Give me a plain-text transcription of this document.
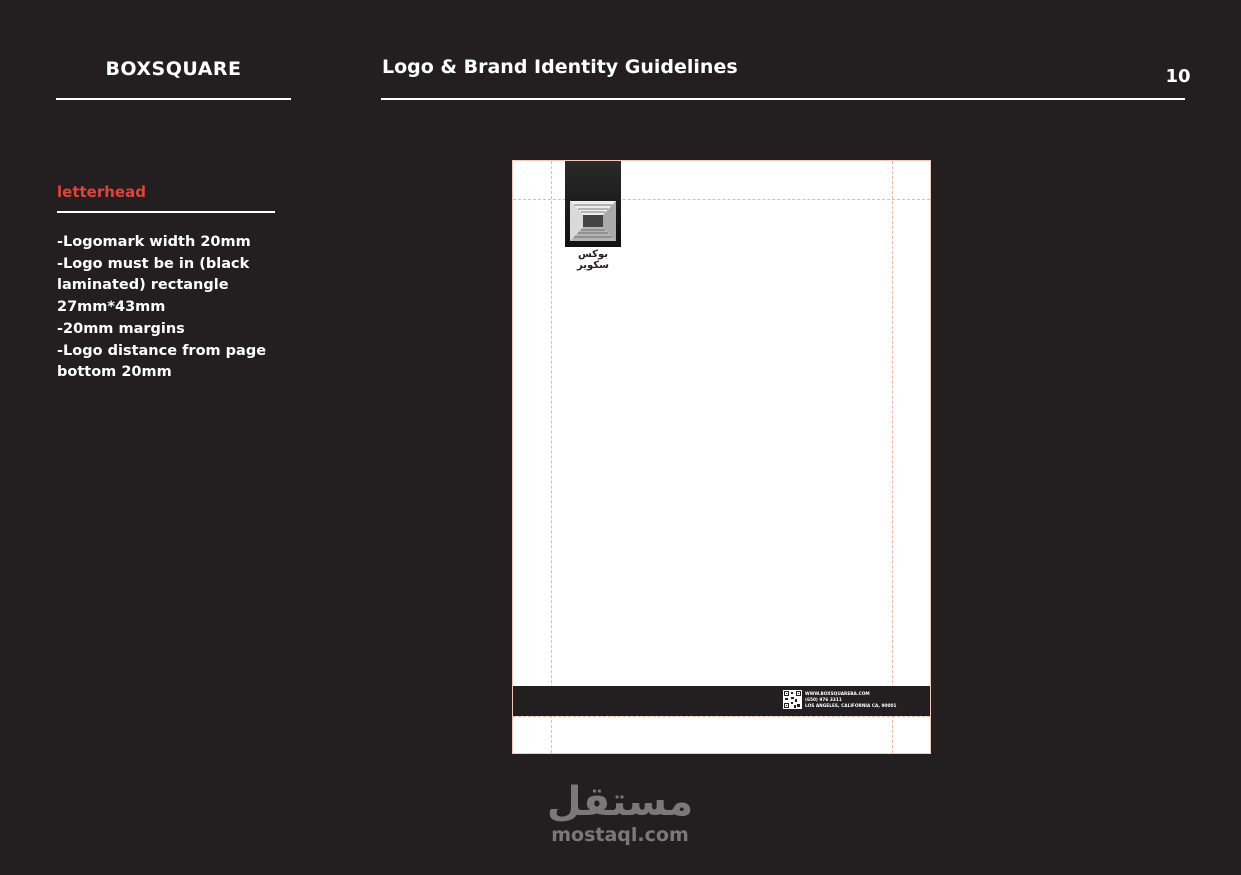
BOXSQUARE	Logo & Brand Identity Guidelines	10
letterhead
-Logomark width 20mm
-Logo must be in (black
laminated) rectangle
27mm*43mm
-20mm margins
-Logo distance from page
bottom 20mm
بوكس سكوير
WWW.BOXSQUAREBA.COM
(650) 976 3311
LOS ANGELES, CALIFORNIA CA, 90001
مستقل
mostaql.com
